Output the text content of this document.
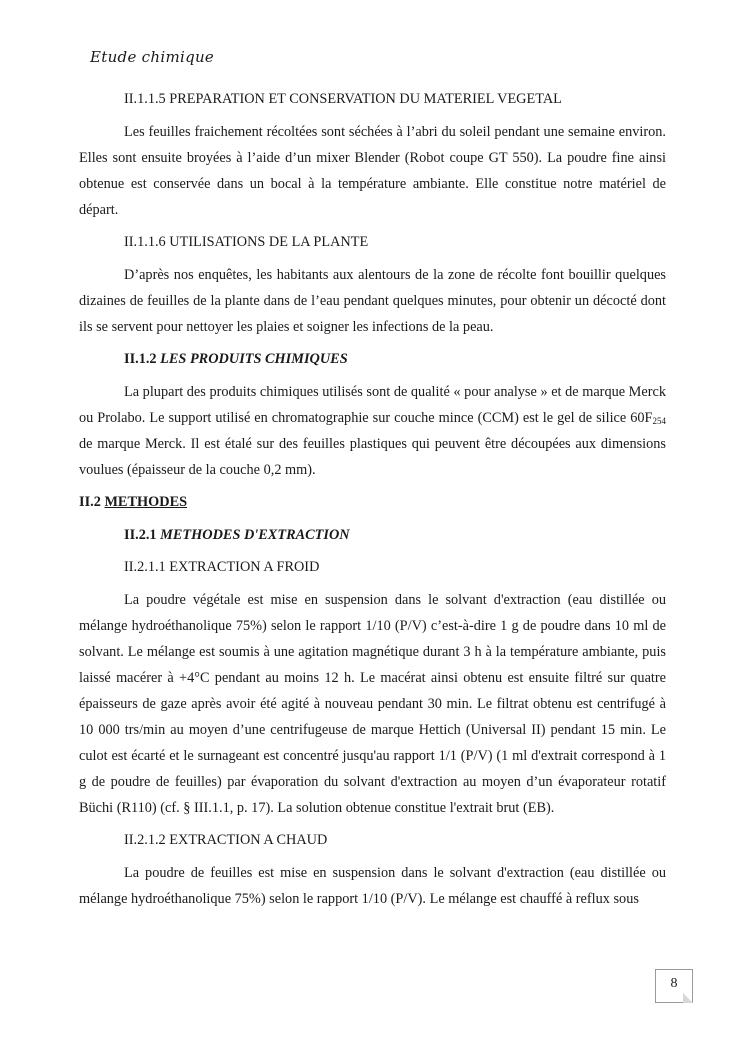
Etude chimique
II.1.1.5 PREPARATION ET CONSERVATION DU MATERIEL VEGETAL

Les feuilles fraichement récoltées sont séchées à l’abri du soleil pendant une semaine environ. Elles sont ensuite broyées à l’aide d’un mixer Blender (Robot coupe GT 550). La poudre fine ainsi obtenue est conservée dans un bocal à la température ambiante. Elle constitue notre matériel de départ.

II.1.1.6 UTILISATIONS DE LA PLANTE

D’après nos enquêtes, les habitants aux alentours de la zone de récolte font bouillir quelques dizaines de feuilles de la plante dans de l’eau pendant quelques minutes, pour obtenir un décocté dont ils se servent pour nettoyer les plaies et soigner les infections de la peau.

II.1.2 LES PRODUITS CHIMIQUES

La plupart des produits chimiques utilisés sont de qualité « pour analyse » et de marque Merck ou Prolabo. Le support utilisé en chromatographie sur couche mince (CCM) est le gel de silice $60F_{254}$ de marque Merck. Il est étalé sur des feuilles plastiques qui peuvent être découpées aux dimensions voulues (épaisseur de la couche 0,2 mm).

II.2 METHODES
II.2.1 METHODES D'EXTRACTION
II.2.1.1 EXTRACTION A FROID

La poudre végétale est mise en suspension dans le solvant d'extraction (eau distillée ou mélange hydroéthanolique 75%) selon le rapport 1/10 (P/V) c’est-à-dire 1 g de poudre dans 10 ml de solvant. Le mélange est soumis à une agitation magnétique durant 3 h à la température ambiante, puis laissé macérer à +4°C pendant au moins 12 h. Le macérat ainsi obtenu est ensuite filtré sur quatre épaisseurs de gaze après avoir été agité à nouveau pendant 30 min. Le filtrat obtenu est centrifugé à 10 000 trs/min au moyen d’une centrifugeuse de marque Hettich (Universal II) pendant 15 min. Le culot est écarté et le surnageant est concentré jusqu'au rapport 1/1 (P/V) (1 ml d'extrait correspond à 1 g de poudre de feuilles) par évaporation du solvant d'extraction au moyen d’un évaporateur rotatif Büchi (R110) (cf. § III.1.1, p. 17). La solution obtenue constitue l'extrait brut (EB).

II.2.1.2 EXTRACTION A CHAUD

La poudre de feuilles est mise en suspension dans le solvant d'extraction (eau distillée ou mélange hydroéthanolique 75%) selon le rapport 1/10 (P/V). Le mélange est chauffé à reflux sous

8
